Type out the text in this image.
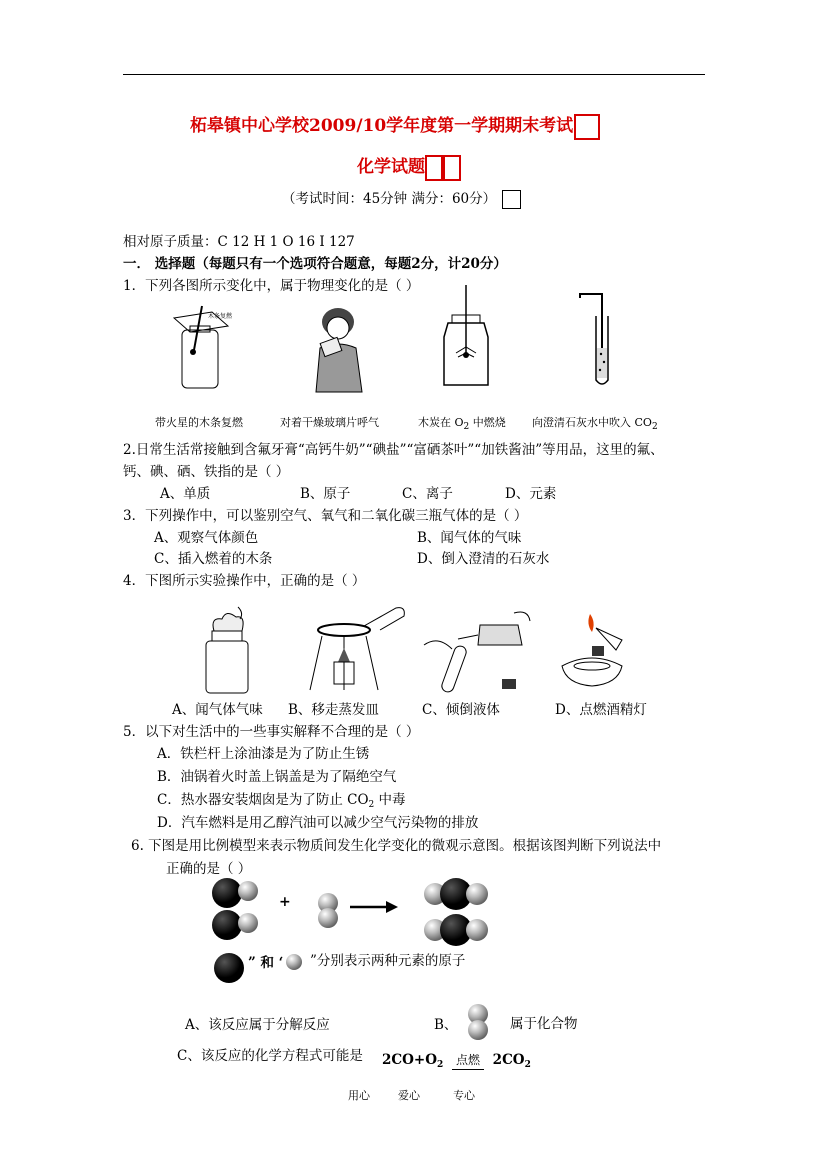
柘皋镇中心学校2009/10学年度第一学期期末考试
化学试题
（考试时间：45分钟 满分：60分）
相对原子质量：C 12 H 1 O 16 I 127
一． 选择题（每题只有一个选项符合题意，每题2分，计20分）
1．下列各图所示变化中，属于物理变化的是（ ）
木条复燃
带火星的木条复燃	对着干燥玻璃片呼气	木炭在 $O_2$ 中燃烧 向澄清石灰水中吹入 $CO_2$
2.日常生活常接触到含氟牙膏“高钙牛奶”“碘盐”“富硒茶叶”“加铁酱油”等用品，这里的氟、
钙、碘、硒、铁指的是（ ）
A、单质	B、原子	C、离子	D、元素
3．下列操作中，可以鉴别空气、氧气和二氧化碳三瓶气体的是（ ）
A、观察气体颜色	B、闻气体的气味
C、插入燃着的木条	D、倒入澄清的石灰水
4．下图所示实验操作中，正确的是（ ）
A、闻气体气味 B、移走蒸发皿	C、倾倒液体	D、点燃酒精灯
5．以下对生活中的一些事实解释不合理的是（ ）
A．铁栏杆上涂油漆是为了防止生锈
B．油锅着火时盖上锅盖是为了隔绝空气
C．热水器安装烟囱是为了防止 $CO_2$ 中毒
D．汽车燃料是用乙醇汽油可以减少空气污染物的排放
6. 下图是用比例模型来表示物质间发生化学变化的微观示意图。根据该图判断下列说法中
正确的是（ ）
+
” 和 ‘ ”分别表示两种元素的原子
A、该反应属于分解反应	B、	属于化合物
C、该反应的化学方程式可能是 $2CO+O_2$ 点燃 $2CO_2$
用心	爱心	专心
